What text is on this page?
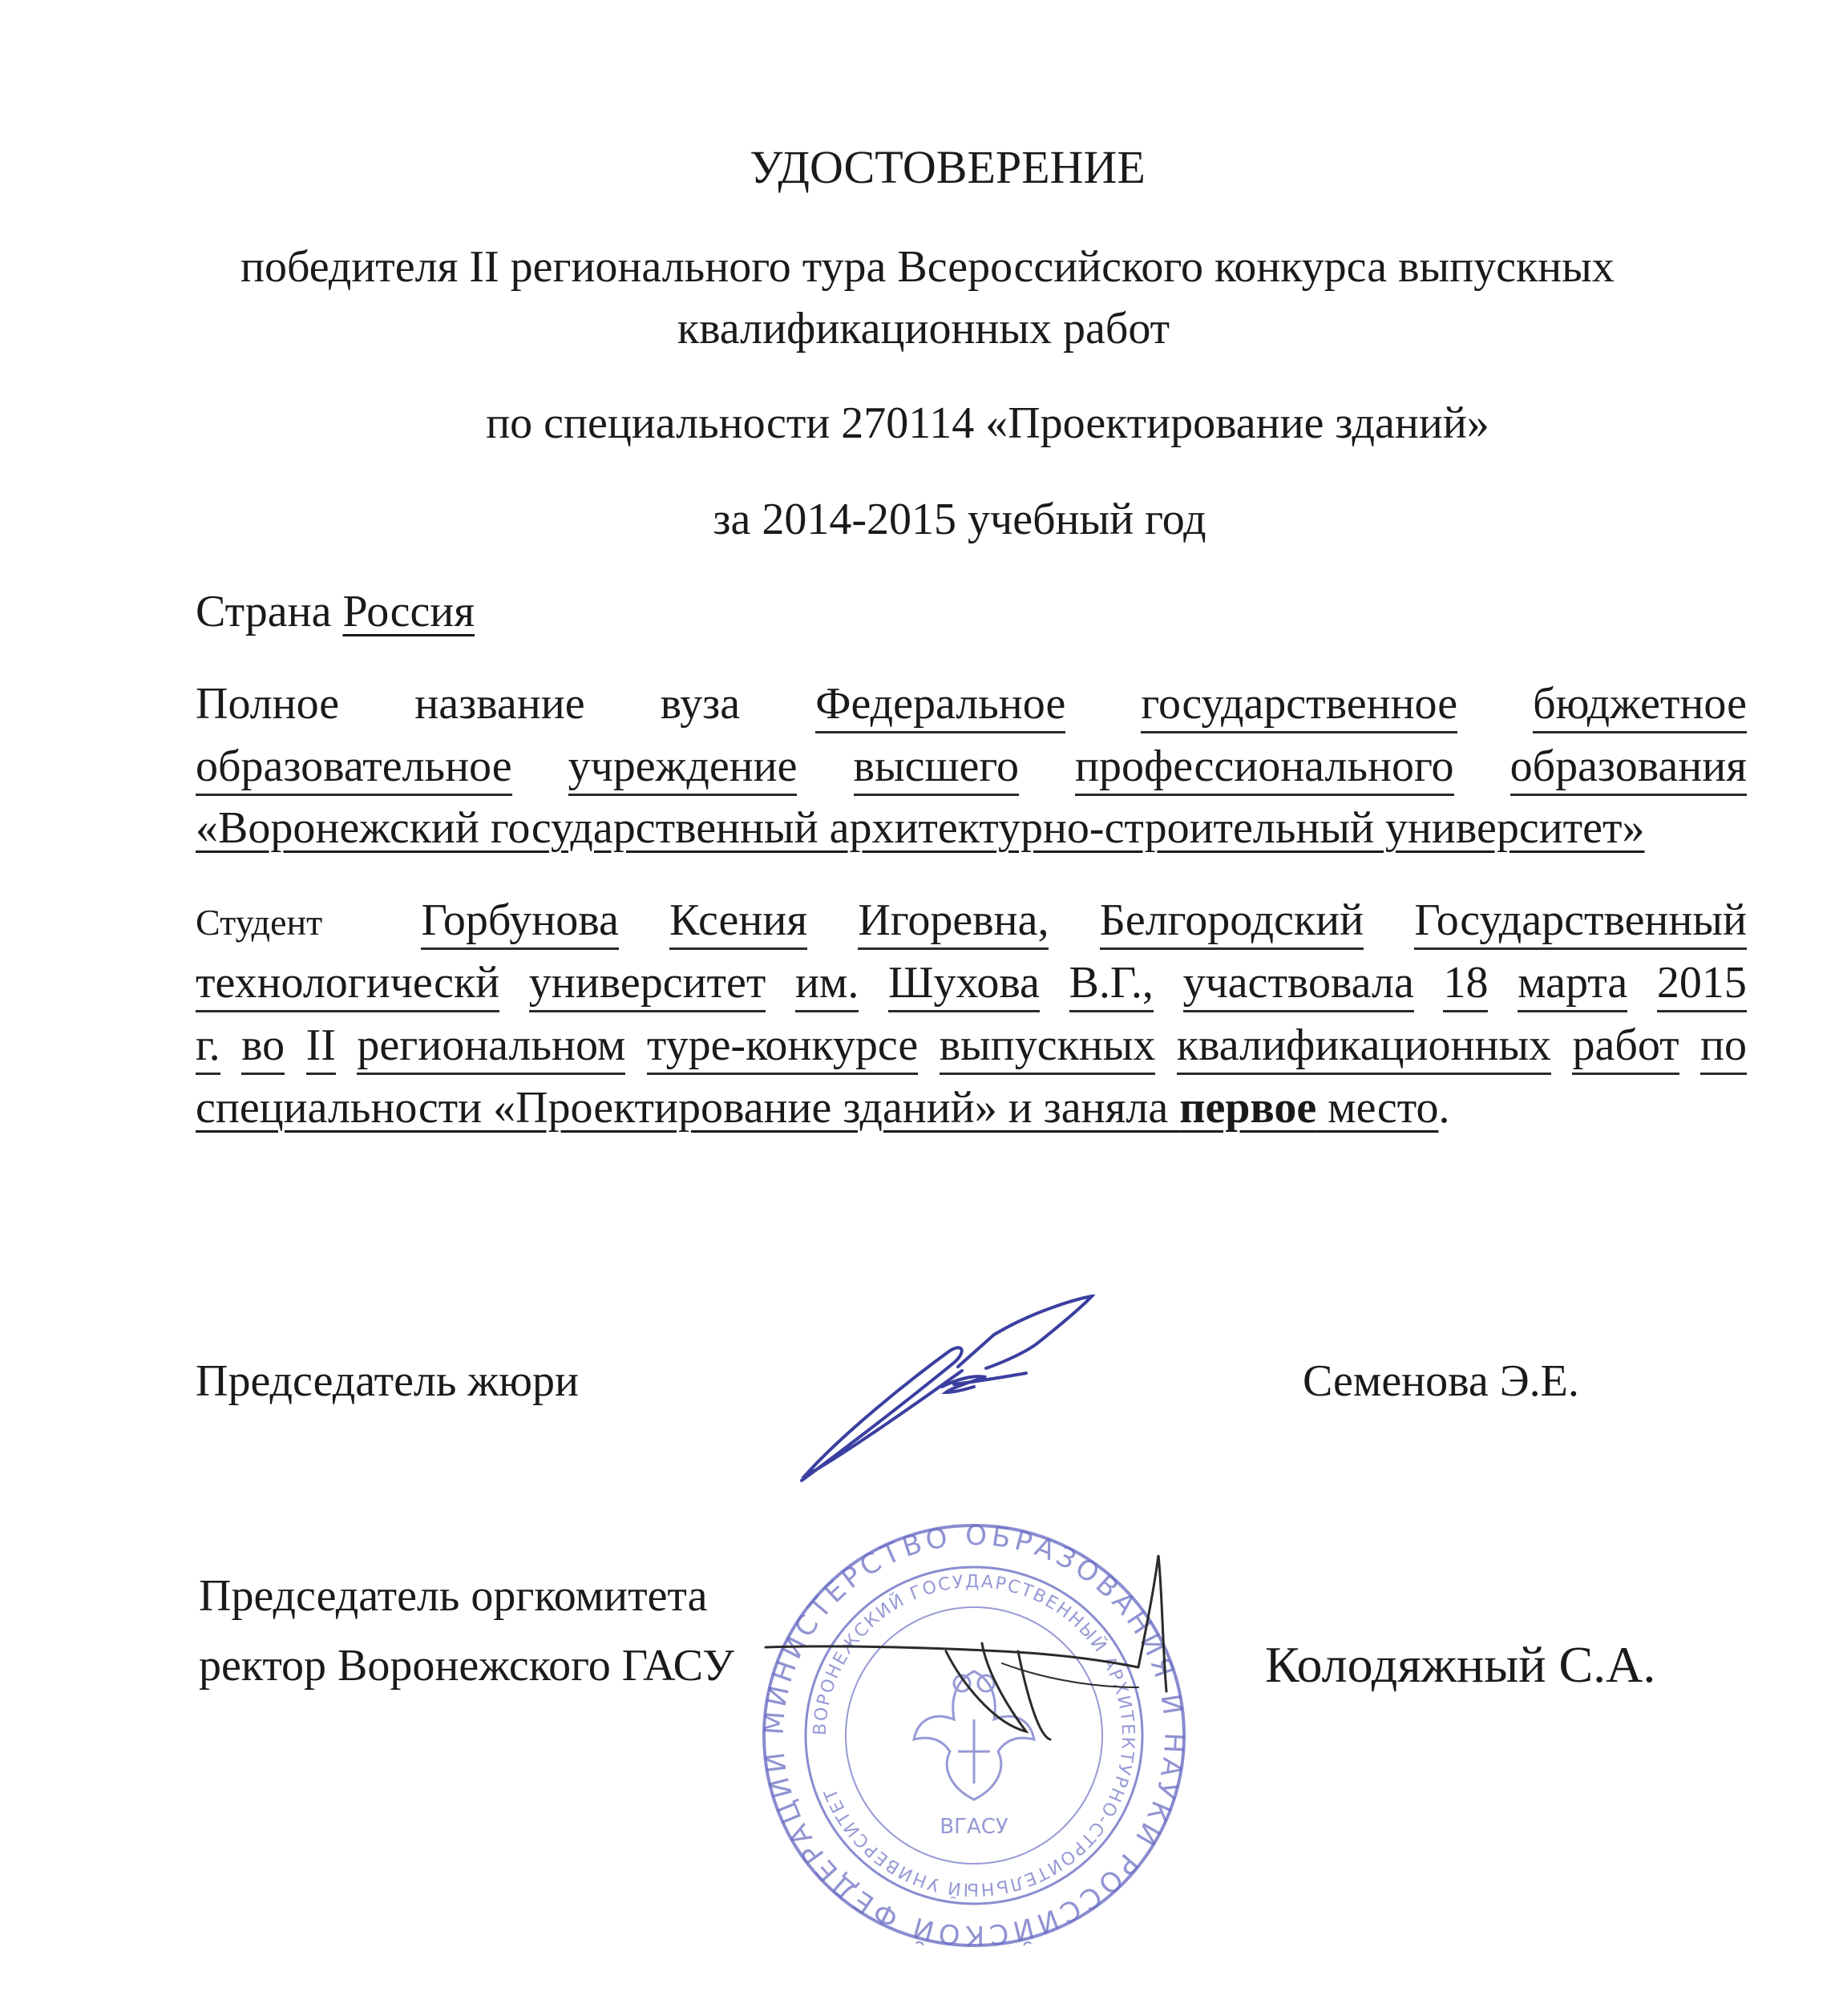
УДОСТОВЕРЕНИЕ
победителя II регионального тура Всероссийского конкурса выпускных
квалификационных работ
по специальности 270114 «Проектирование зданий»
за 2014-2015 учебный год
Страна Россия
Полное название вуза Федеральное государственное бюджетное
образовательное учреждение высшего профессионального образования
«Воронежский государственный архитектурно-строительный университет»
Студент Горбунова Ксения Игоревна, Белгородский Государственный
технологическй университет им. Шухова В.Г., участвовала 18 марта 2015
г. во II региональном туре-конкурсе выпускных квалификационных работ по
специальности «Проектирование зданий» и заняла первое место.
Председатель жюри	Семенова Э.Е.
Председатель оргкомитета
ректор Воронежского ГАСУ	Колодяжный С.А.
МИНИСТЕРСТВО ОБРАЗОВАНИЯ И НАУКИ РОССИЙСКОЙ ФЕДЕРАЦИИ
ВОРОНЕЖСКИЙ ГОСУДАРСТВЕННЫЙ АРХИТЕКТУРНО-СТРОИТЕЛЬНЫЙ УНИВЕРСИТЕТ
ВГАСУ
